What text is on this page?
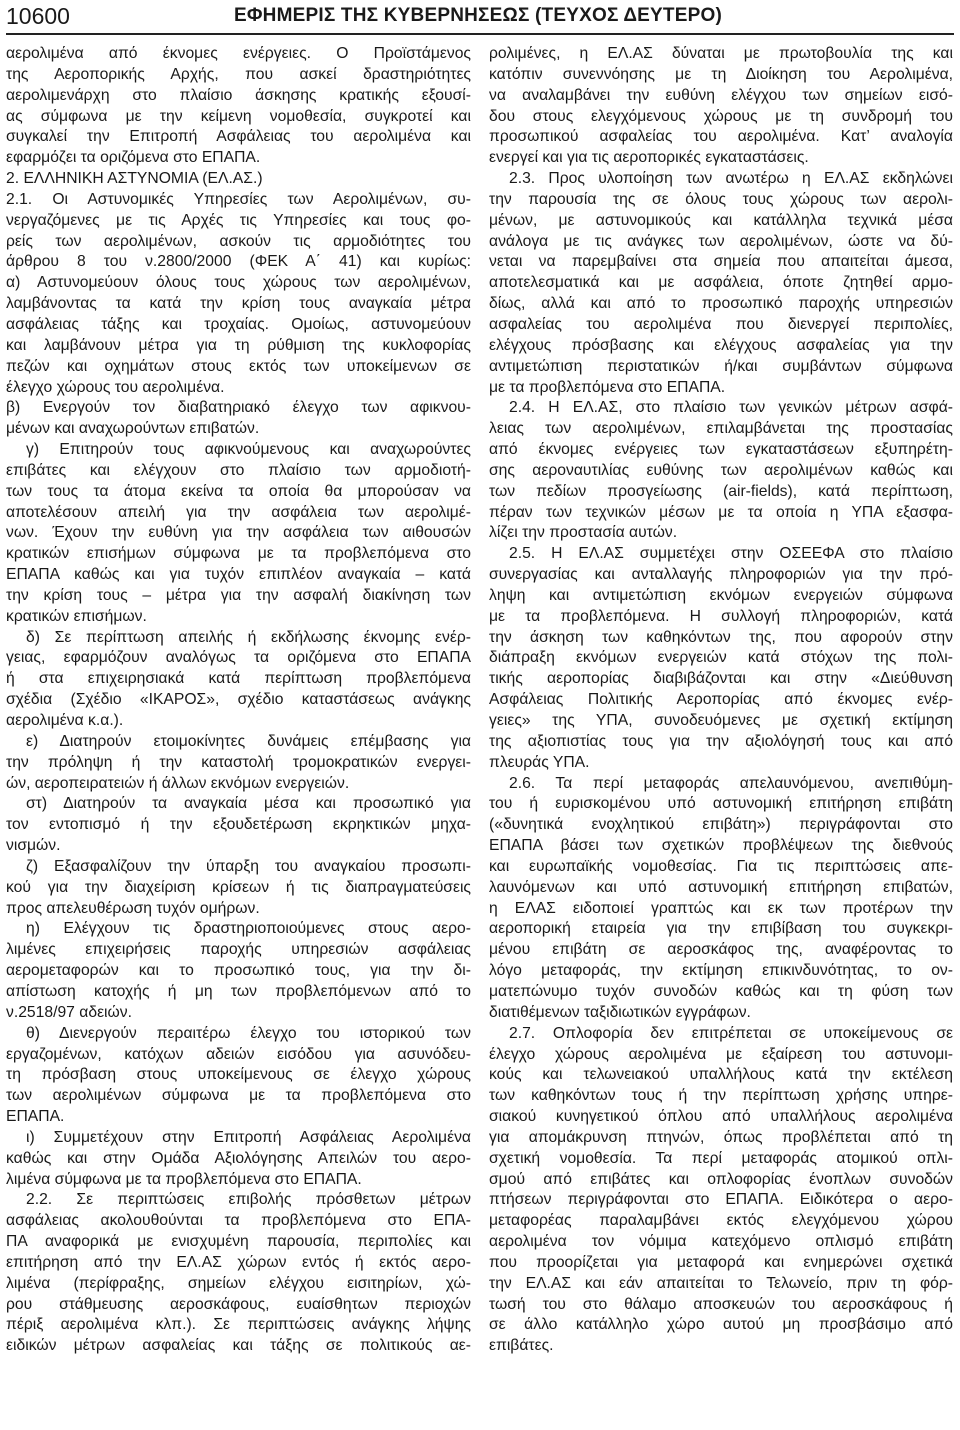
10600	ΕΦΗΜΕΡΙΣ ΤΗΣ ΚΥΒΕΡΝΗΣΕΩΣ (ΤΕΥΧΟΣ ΔΕΥΤΕΡΟ)
αερολιμένα από έκνομες ενέργειες. Ο Προϊστάμενος
της Αεροπορικής Αρχής, που ασκεί δραστηριότητες
αερολιμενάρχη στο πλαίσιο άσκησης κρατικής εξουσί-
ας σύμφωνα με την κείμενη νομοθεσία, συγκροτεί και
συγκαλεί την Επιτροπή Ασφάλειας του αερολιμένα και
εφαρμόζει τα οριζόμενα στο ΕΠΑΠΑ.
2. ΕΛΛΗΝΙΚΗ ΑΣΤΥΝΟΜΙΑ (ΕΛ.ΑΣ.)
2.1. Οι Αστυνομικές Υπηρεσίες των Αερολιμένων, συ-
νεργαζόμενες με τις Αρχές τις Υπηρεσίες και τους φο-
ρείς των αερολιμένων, ασκούν τις αρμοδιότητες του
άρθρου 8 του ν.2800/2000 (ΦΕΚ Α΄ 41) και κυρίως:
α) Αστυνομεύουν όλους τους χώρους των αερολιμένων,
λαμβάνοντας τα κατά την κρίση τους αναγκαία μέτρα
ασφάλειας τάξης και τροχαίας. Ομοίως, αστυνομεύουν
και λαμβάνουν μέτρα για τη ρύθμιση της κυκλοφορίας
πεζών και οχημάτων στους εκτός των υποκείμενων σε
έλεγχο χώρους του αερολιμένα.
β) Ενεργούν τον διαβατηριακό έλεγχο των αφικνου-
μένων και αναχωρούντων επιβατών.
γ) Επιτηρούν τους αφικνούμενους και αναχωρούντες
επιβάτες και ελέγχουν στο πλαίσιο των αρμοδιοτή-
των τους τα άτομα εκείνα τα οποία θα μπορούσαν να
αποτελέσουν απειλή για την ασφάλεια των αερολιμέ-
νων. Έχουν την ευθύνη για την ασφάλεια των αιθουσών
κρατικών επισήμων σύμφωνα με τα προβλεπόμενα στο
ΕΠΑΠΑ καθώς και για τυχόν επιπλέον αναγκαία – κατά
την κρίση τους – μέτρα για την ασφαλή διακίνηση των
κρατικών επισήμων.
δ) Σε περίπτωση απειλής ή εκδήλωσης έκνομης ενέρ-
γειας, εφαρμόζουν αναλόγως τα οριζόμενα στο ΕΠΑΠΑ
ή στα επιχειρησιακά κατά περίπτωση προβλεπόμενα
σχέδια (Σχέδιο «ΙΚΑΡΟΣ», σχέδιο καταστάσεως ανάγκης
αερολιμένα κ.α.).
ε) Διατηρούν ετοιμοκίνητες δυνάμεις επέμβασης για
την πρόληψη ή την καταστολή τρομοκρατικών ενεργει-
ών, αεροπειρατειών ή άλλων εκνόμων ενεργειών.
στ) Διατηρούν τα αναγκαία μέσα και προσωπικό για
τον εντοπισμό ή την εξουδετέρωση εκρηκτικών μηχα-
νισμών.
ζ) Εξασφαλίζουν την ύπαρξη του αναγκαίου προσωπι-
κού για την διαχείριση κρίσεων ή τις διαπραγματεύσεις
προς απελευθέρωση τυχόν ομήρων.
η) Ελέγχουν τις δραστηριοποιούμενες στους αερο-
λιμένες επιχειρήσεις παροχής υπηρεσιών ασφάλειας
αερομεταφορών και το προσωπικό τους, για την δι-
απίστωση κατοχής ή μη των προβλεπόμενων από το
ν.2518/97 αδειών.
θ) Διενεργούν περαιτέρω έλεγχο του ιστορικού των
εργαζομένων, κατόχων αδειών εισόδου για ασυνόδευ-
τη πρόσβαση στους υποκείμενους σε έλεγχο χώρους
των αερολιμένων σύμφωνα με τα προβλεπόμενα στο
ΕΠΑΠΑ.
ι) Συμμετέχουν στην Επιτροπή Ασφάλειας Αερολιμένα
καθώς και στην Ομάδα Αξιολόγησης Απειλών του αερο-
λιμένα σύμφωνα με τα προβλεπόμενα στο ΕΠΑΠΑ.
2.2. Σε περιπτώσεις επιβολής πρόσθετων μέτρων
ασφάλειας ακολουθούνται τα προβλεπόμενα στο ΕΠΑ-
ΠΑ αναφορικά με ενισχυμένη παρουσία, περιπολίες και
επιτήρηση από την ΕΛ.ΑΣ χώρων εντός ή εκτός αερο-
λιμένα (περίφραξης, σημείων ελέγχου εισιτηρίων, χώ-
ρου στάθμευσης αεροσκάφους, ευαίσθητων περιοχών
πέριξ αερολιμένα κλπ.). Σε περιπτώσεις ανάγκης λήψης
ειδικών μέτρων ασφαλείας και τάξης σε πολιτικούς αε-
ρολιμένες, η ΕΛ.ΑΣ δύναται με πρωτοβουλία της και
κατόπιν συνεννόησης με τη Διοίκηση του Αερολιμένα,
να αναλαμβάνει την ευθύνη ελέγχου των σημείων εισό-
δου στους ελεγχόμενους χώρους με τη συνδρομή του
προσωπικού ασφαλείας του αερολιμένα. Κατ’ αναλογία
ενεργεί και για τις αεροπορικές εγκαταστάσεις.
2.3. Προς υλοποίηση των ανωτέρω η ΕΛ.ΑΣ εκδηλώνει
την παρουσία της σε όλους τους χώρους των αερολι-
μένων, με αστυνομικούς και κατάλληλα τεχνικά μέσα
ανάλογα με τις ανάγκες των αερολιμένων, ώστε να δύ-
νεται να παρεμβαίνει στα σημεία που απαιτείται άμεσα,
αποτελεσματικά και με ασφάλεια, όποτε ζητηθεί αρμο-
δίως, αλλά και από το προσωπικό παροχής υπηρεσιών
ασφαλείας του αερολιμένα που διενεργεί περιπολίες,
ελέγχους πρόσβασης και ελέγχους ασφαλείας για την
αντιμετώπιση περιστατικών ή/και συμβάντων σύμφωνα
με τα προβλεπόμενα στο ΕΠΑΠΑ.
2.4. Η ΕΛ.ΑΣ, στο πλαίσιο των γενικών μέτρων ασφά-
λειας των αερολιμένων, επιλαμβάνεται της προστασίας
από έκνομες ενέργειες των εγκαταστάσεων εξυπηρέτη-
σης αεροναυτιλίας ευθύνης των αερολιμένων καθώς και
των πεδίων προσγείωσης (air-fields), κατά περίπτωση,
πέραν των τεχνικών μέσων με τα οποία η ΥΠΑ εξασφα-
λίζει την προστασία αυτών.
2.5. Η ΕΛ.ΑΣ συμμετέχει στην ΟΣΕΕΦΑ στο πλαίσιο
συνεργασίας και ανταλλαγής πληροφοριών για την πρό-
ληψη και αντιμετώπιση εκνόμων ενεργειών σύμφωνα
με τα προβλεπόμενα. Η συλλογή πληροφοριών, κατά
την άσκηση των καθηκόντων της, που αφορούν στην
διάπραξη εκνόμων ενεργειών κατά στόχων της πολι-
τικής αεροπορίας διαβιβάζονται και στην «Διεύθυνση
Ασφάλειας Πολιτικής Αεροπορίας από έκνομες ενέρ-
γειες» της ΥΠΑ, συνοδευόμενες με σχετική εκτίμηση
της αξιοπιστίας τους για την αξιολόγησή τους και από
πλευράς ΥΠΑ.
2.6. Τα περί μεταφοράς απελαυνόμενου, ανεπιθύμη-
του ή ευρισκομένου υπό αστυνομική επιτήρηση επιβάτη
(«δυνητικά ενοχλητικού επιβάτη») περιγράφονται στο
ΕΠΑΠΑ βάσει των σχετικών προβλέψεων της διεθνούς
και ευρωπαϊκής νομοθεσίας. Για τις περιπτώσεις απε-
λαυνόμενων και υπό αστυνομική επιτήρηση επιβατών,
η ΕΛΑΣ ειδοποιεί γραπτώς και εκ των προτέρων την
αεροπορική εταιρεία για την επιβίβαση του συγκεκρι-
μένου επιβάτη σε αεροσκάφος της, αναφέροντας το
λόγο μεταφοράς, την εκτίμηση επικινδυνότητας, το ον-
ματεπώνυμο τυχόν συνοδών καθώς και τη φύση των
διατιθέμενων ταξιδιωτικών εγγράφων.
2.7. Οπλοφορία δεν επιτρέπεται σε υποκείμενους σε
έλεγχο χώρους αερολιμένα με εξαίρεση του αστυνομι-
κούς και τελωνειακού υπαλλήλους κατά την εκτέλεση
των καθηκόντων τους ή την περίπτωση χρήσης υπηρε-
σιακού κυνηγετικού όπλου από υπαλλήλους αερολιμένα
για απομάκρυνση πτηνών, όπως προβλέπεται από τη
σχετική νομοθεσία. Τα περί μεταφοράς ατομικού οπλι-
σμού από επιβάτες και οπλοφορίας ένοπλων συνοδών
πτήσεων περιγράφονται στο ΕΠΑΠΑ. Ειδικότερα ο αερο-
μεταφορέας παραλαμβάνει εκτός ελεγχόμενου χώρου
αερολιμένα τον νόμιμα κατεχόμενο οπλισμό επιβάτη
που προορίζεται για μεταφορά και ενημερώνει σχετικά
την ΕΛ.ΑΣ και εάν απαιτείται το Τελωνείο, πριν τη φόρ-
τωσή του στο θάλαμο αποσκευών του αεροσκάφους ή
σε άλλο κατάλληλο χώρο αυτού μη προσβάσιμο από
επιβάτες.
